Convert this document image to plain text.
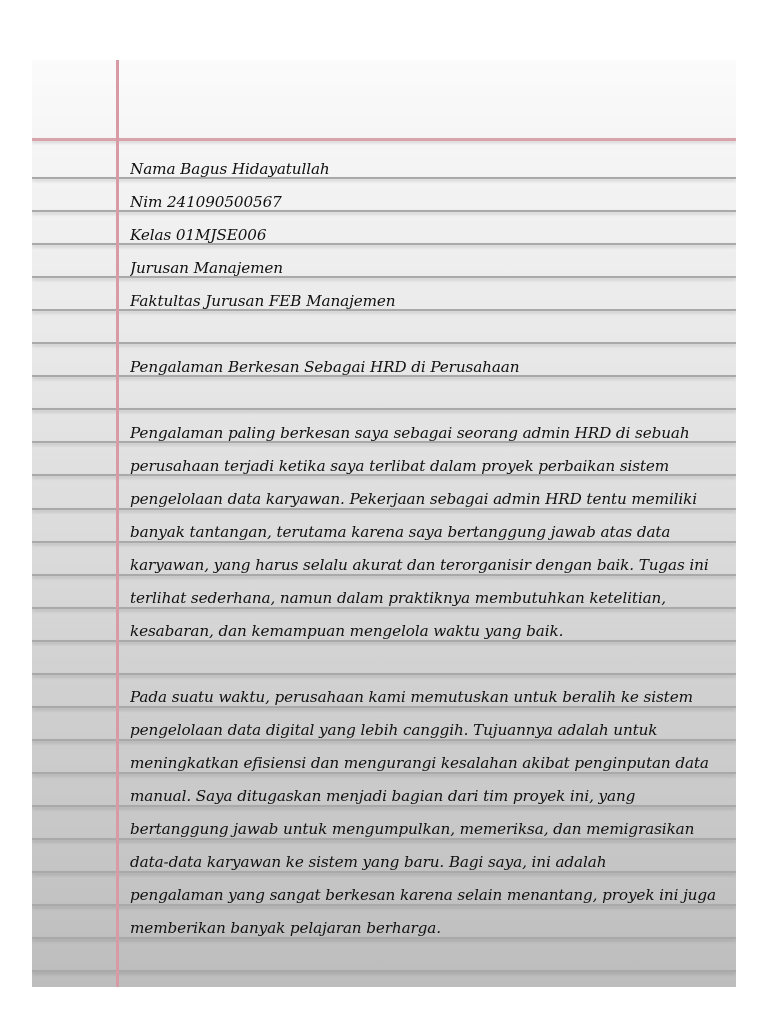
Nama Bagus Hidayatullah
Nim 241090500567
Kelas 01MJSE006
Jurusan Manajemen
Faktultas Jurusan FEB Manajemen
Pengalaman Berkesan Sebagai HRD di Perusahaan
Pengalaman paling berkesan saya sebagai seorang admin HRD di sebuah
perusahaan terjadi ketika saya terlibat dalam proyek perbaikan sistem
pengelolaan data karyawan. Pekerjaan sebagai admin HRD tentu memiliki
banyak tantangan, terutama karena saya bertanggung jawab atas data
karyawan, yang harus selalu akurat dan terorganisir dengan baik. Tugas ini
terlihat sederhana, namun dalam praktiknya membutuhkan ketelitian,
kesabaran, dan kemampuan mengelola waktu yang baik.
Pada suatu waktu, perusahaan kami memutuskan untuk beralih ke sistem
pengelolaan data digital yang lebih canggih. Tujuannya adalah untuk
meningkatkan efisiensi dan mengurangi kesalahan akibat penginputan data
manual. Saya ditugaskan menjadi bagian dari tim proyek ini, yang
bertanggung jawab untuk mengumpulkan, memeriksa, dan memigrasikan
data-data karyawan ke sistem yang baru. Bagi saya, ini adalah
pengalaman yang sangat berkesan karena selain menantang, proyek ini juga
memberikan banyak pelajaran berharga.
